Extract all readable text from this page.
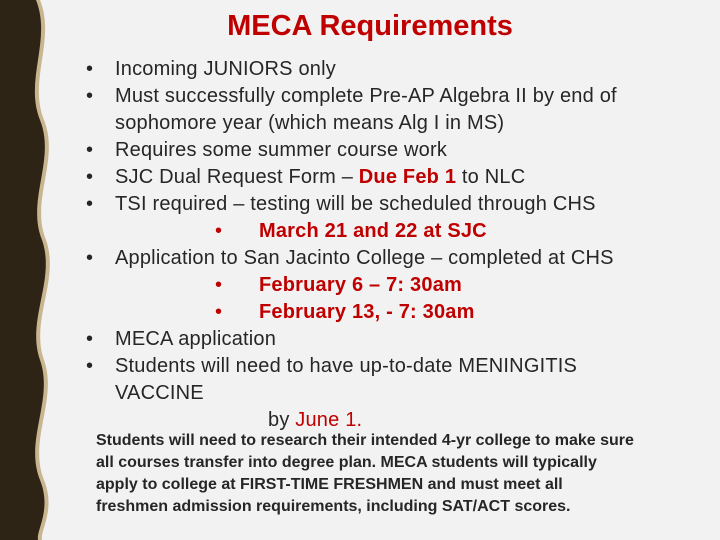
MECA Requirements
• Incoming JUNIORS only
• Must successfully complete Pre-AP Algebra II by end of
sophomore year (which means Alg I in MS)
• Requires some summer course work
• SJC Dual Request Form – Due Feb 1 to NLC
• TSI required – testing will be scheduled through CHS
• March 21 and 22 at SJC
• Application to San Jacinto College – completed at CHS
• February 6 – 7: 30am
• February 13, - 7: 30am
• MECA application
• Students will need to have up-to-date MENINGITIS
VACCINE
by June 1.
Students will need to research their intended 4-yr college to make sure all courses transfer into degree plan. MECA students will typically apply to college at FIRST-TIME FRESHMEN and must meet all freshmen admission requirements, including SAT/ACT scores.
